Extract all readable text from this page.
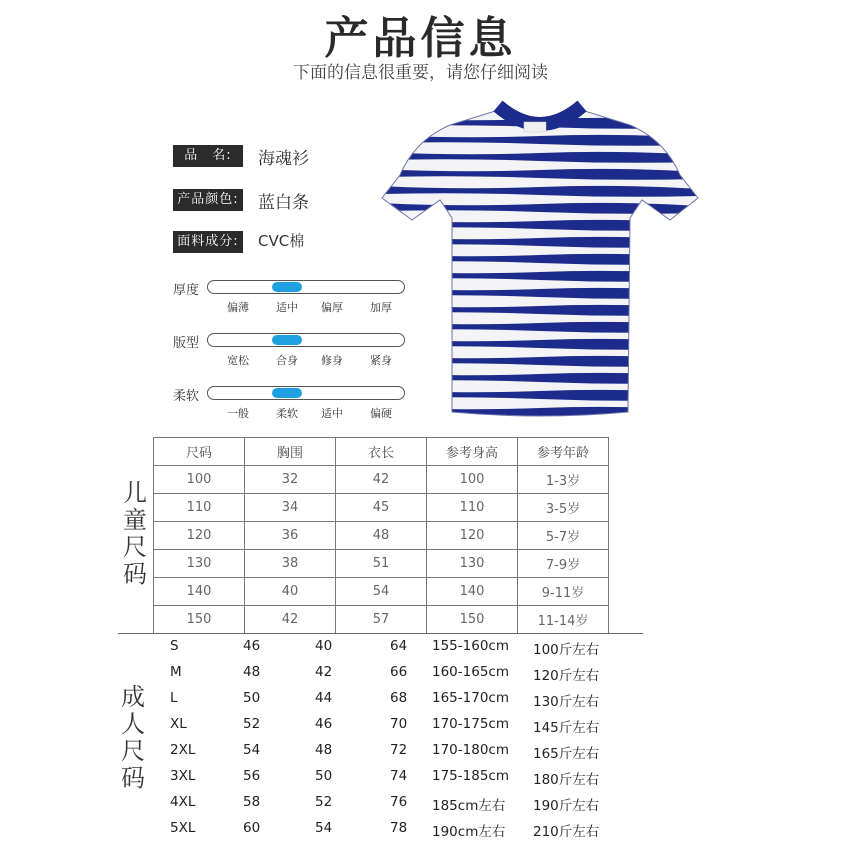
产品信息
下面的信息很重要，请您仔细阅读
品　名:	海魂衫
产品颜色: 蓝白条
面料成分: CVC棉
厚度
偏薄	适中	偏厚	加厚
版型
宽松	合身	修身	紧身
柔软
一般	柔软	适中	偏硬
儿
童
尺
码
尺码	胸围	衣长	参考身高	参考年龄
100	32	42	100	1-3岁
110	34	45	110	3-5岁
120	36	48	120	5-7岁
130	38	51	130	7-9岁
140	40	54	140	9-11岁
150	42	57	150	11-14岁
成
人
尺
码
S	46	40	64 155-160cm 100斤左右
M	48	42	66 160-165cm 120斤左右
L	50	44	68 165-170cm 130斤左右
XL	52	46	70 170-175cm 145斤左右
2XL	54	48	72 170-180cm 165斤左右
3XL	56	50	74 175-185cm 180斤左右
4XL	58	52	76 185cm左右 190斤左右
5XL	60	54	78 190cm左右 210斤左右
